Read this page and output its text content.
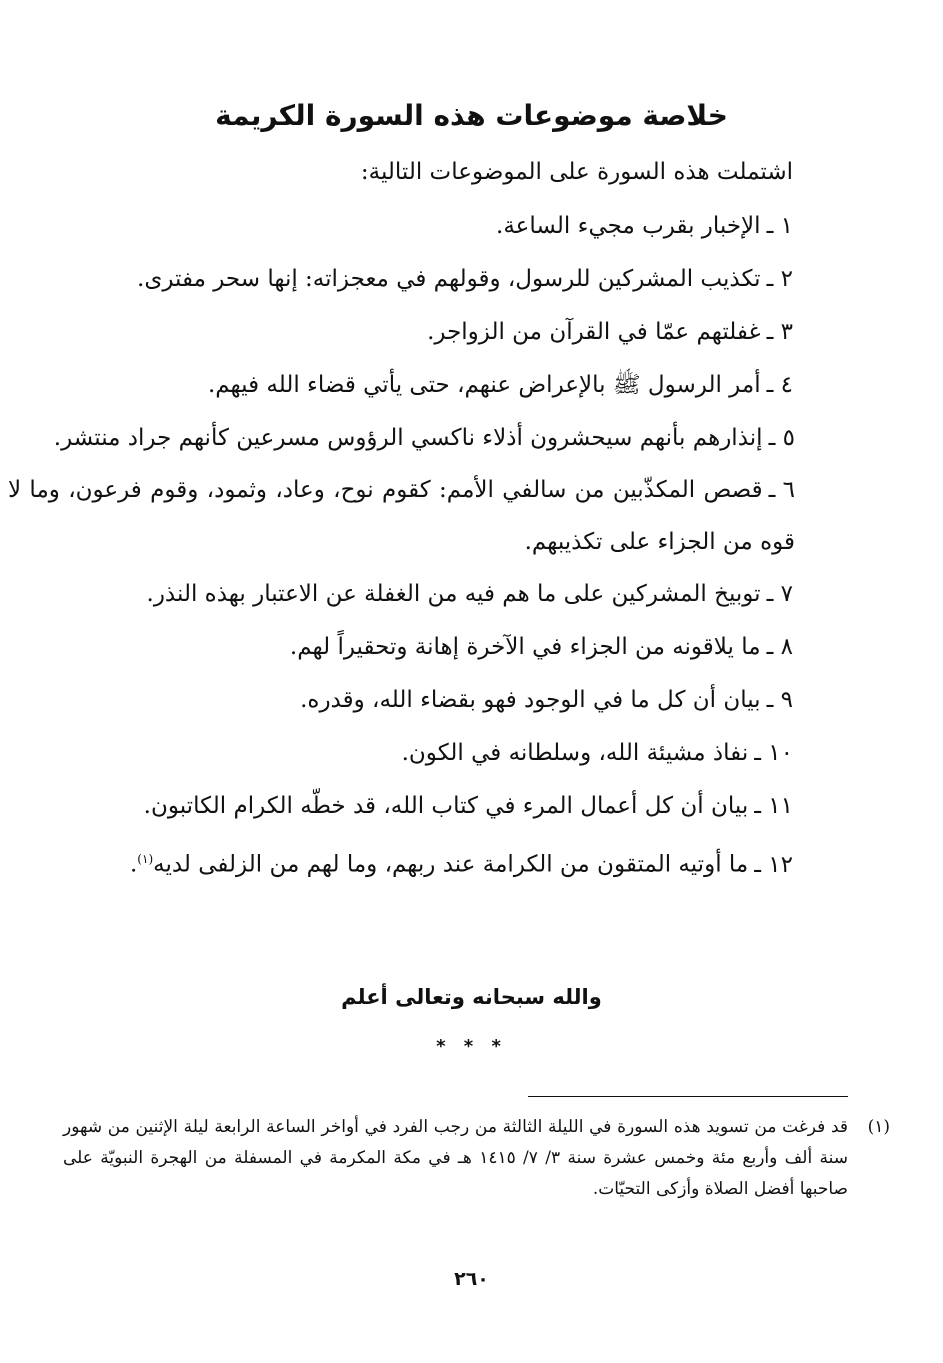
خلاصة موضوعات هذه السورة الكريمة
اشتملت هذه السورة على الموضوعات التالية:
١ ـالإخبار بقرب مجيء الساعة.
٢ ـتكذيب المشركين للرسول، وقولهم في معجزاته: إنها سحر مفترى.
٣ ـغفلتهم عمّا في القرآن من الزواجر.
٤ ـأمر الرسول ﷺ بالإعراض عنهم، حتى يأتي قضاء الله فيهم.
٥ ـإنذارهم بأنهم سيحشرون أذلاء ناكسي الرؤوس مسرعين كأنهم جراد منتشر.
٦ ـقصص المكذّبين من سالفي الأمم: كقوم نوح، وعاد، وثمود، وقوم فرعون، وما لا قوه من الجزاء على تكذيبهم.
٧ ـتوبيخ المشركين على ما هم فيه من الغفلة عن الاعتبار بهذه النذر.
٨ ـما يلاقونه من الجزاء في الآخرة إهانة وتحقيراً لهم.
٩ ـبيان أن كل ما في الوجود فهو بقضاء الله، وقدره.
١٠ ـنفاذ مشيئة الله، وسلطانه في الكون.
١١ ـبيان أن كل أعمال المرء في كتاب الله، قد خطّه الكرام الكاتبون.
١٢ ـما أوتيه المتقون من الكرامة عند ربهم، وما لهم من الزلفى لديه$^{(١)}$.
والله سبحانه وتعالى أعلم
* * *
(١)
قد فرغت من تسويد هذه السورة في الليلة الثالثة من رجب الفرد في أواخر الساعة الرابعة ليلة الإثنين من شهور سنة ألف وأربع مئة وخمس عشرة سنة ٣/ ٧/ ١٤١٥ هـ في مكة المكرمة في المسفلة من الهجرة النبويّة على صاحبها أفضل الصلاة وأزكى التحيّات.
٢٦٠
